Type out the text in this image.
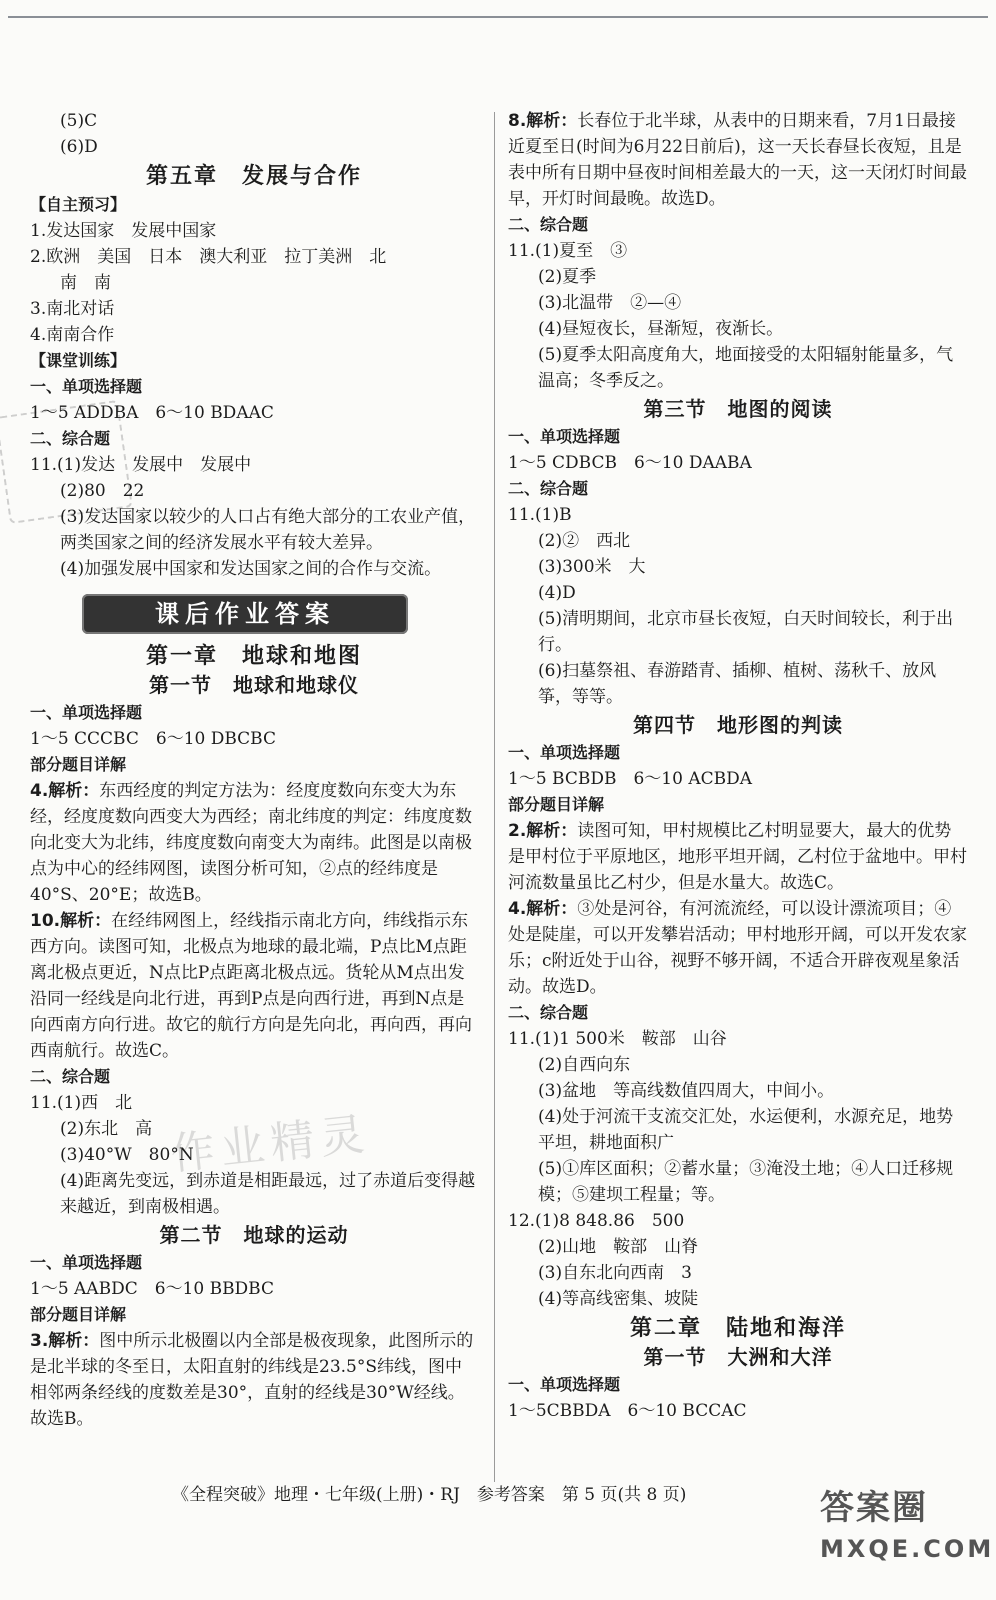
作业精灵
(5)C
(6)D
第五章　发展与合作
【自主预习】
1.发达国家　发展中国家
2.欧洲　美国　日本　澳大利亚　拉丁美洲　北
南　南
3.南北对话
4.南南合作
【课堂训练】
一、单项选择题
1～5 ADDBA　6～10 BDAAC
二、综合题
11.(1)发达　发展中　发展中
(2)80　22
(3)发达国家以较少的人口占有绝大部分的工农业产值，两类国家之间的经济发展水平有较大差异。
(4)加强发展中国家和发达国家之间的合作与交流。
课后作业答案
第一章　地球和地图
第一节　地球和地球仪
一、单项选择题
1～5 CCCBC　6～10 DBCBC
部分题目详解
4.解析：东西经度的判定方法为：经度度数向东变大为东经，经度度数向西变大为西经；南北纬度的判定：纬度度数向北变大为北纬，纬度度数向南变大为南纬。此图是以南极点为中心的经纬网图，读图分析可知，②点的经纬度是40°S、20°E；故选B。
10.解析：在经纬网图上，经线指示南北方向，纬线指示东西方向。读图可知，北极点为地球的最北端，P点比M点距离北极点更近，N点比P点距离北极点远。货轮从M点出发沿同一经线是向北行进，再到P点是向西行进，再到N点是向西南方向行进。故它的航行方向是先向北，再向西，再向西南航行。故选C。
二、综合题
11.(1)西　北
(2)东北　高
(3)40°W　80°N
(4)距离先变远，到赤道是相距最远，过了赤道后变得越来越近，到南极相遇。
第二节　地球的运动
一、单项选择题
1～5 AABDC　6～10 BBDBC
部分题目详解
3.解析：图中所示北极圈以内全部是极夜现象，此图所示的是北半球的冬至日，太阳直射的纬线是23.5°S纬线，图中相邻两条经线的度数差是30°，直射的经线是30°W经线。故选B。
8.解析：长春位于北半球，从表中的日期来看，7月1日最接近夏至日(时间为6月22日前后)，这一天长春昼长夜短，且是表中所有日期中昼夜时间相差最大的一天，这一天闭灯时间最早，开灯时间最晚。故选D。
二、综合题
11.(1)夏至　③
(2)夏季
(3)北温带　②—④
(4)昼短夜长，昼渐短，夜渐长。
(5)夏季太阳高度角大，地面接受的太阳辐射能量多，气温高；冬季反之。
第三节　地图的阅读
一、单项选择题
1～5 CDBCB　6～10 DAABA
二、综合题
11.(1)B
(2)②　西北
(3)300米　大
(4)D
(5)清明期间，北京市昼长夜短，白天时间较长，利于出行。
(6)扫墓祭祖、春游踏青、插柳、植树、荡秋千、放风筝，等等。
第四节　地形图的判读
一、单项选择题
1～5 BCBDB　6～10 ACBDA
部分题目详解
2.解析：读图可知，甲村规模比乙村明显要大，最大的优势是甲村位于平原地区，地形平坦开阔，乙村位于盆地中。甲村河流数量虽比乙村少，但是水量大。故选C。
4.解析：③处是河谷，有河流流经，可以设计漂流项目；④处是陡崖，可以开发攀岩活动；甲村地形开阔，可以开发农家乐；c附近处于山谷，视野不够开阔，不适合开辟夜观星象活动。故选D。
二、综合题
11.(1)1 500米　鞍部　山谷
(2)自西向东
(3)盆地　等高线数值四周大，中间小。
(4)处于河流干支流交汇处，水运便利，水源充足，地势平坦，耕地面积广
(5)①库区面积；②蓄水量；③淹没土地；④人口迁移规模；⑤建坝工程量；等。
12.(1)8 848.86　500
(2)山地　鞍部　山脊
(3)自东北向西南　3
(4)等高线密集、坡陡
第二章　陆地和海洋
第一节　大洲和大洋
一、单项选择题
1～5CBBDA　6～10 BCCAC
《全程突破》地理・七年级(上册)・RJ　参考答案　第 5 页(共 8 页)	答案圈
MXQE.COM
